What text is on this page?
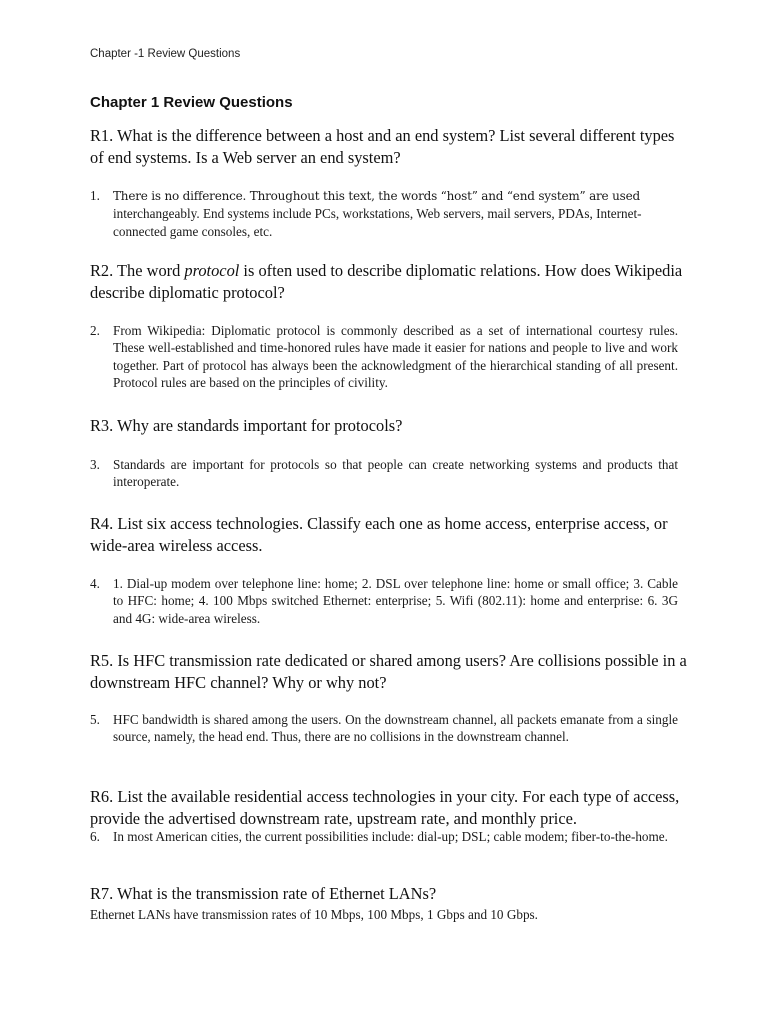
Chapter -1 Review Questions
Chapter 1 Review Questions
R1. What is the difference between a host and an end system? List several different types of end systems. Is a Web server an end system?
1.	There is no difference. Throughout this text, the words “host” and “end system” are used interchangeably. End systems include PCs, workstations, Web servers, mail servers, PDAs, Internet-connected game consoles, etc.
R2. The word protocol is often used to describe diplomatic relations. How does Wikipedia describe diplomatic protocol?
2. From Wikipedia: Diplomatic protocol is commonly described as a set of international courtesy rules. These well-established and time-honored rules have made it easier for nations and people to live and work together. Part of protocol has always been the acknowledgment of the hierarchical standing of all present. Protocol rules are based on the principles of civility.
R3. Why are standards important for protocols?
3. Standards are important for protocols so that people can create networking systems and products that interoperate.
R4. List six access technologies. Classify each one as home access, enterprise access, or wide-area wireless access.
4. 1. Dial-up modem over telephone line: home; 2. DSL over telephone line: home or small office; 3. Cable to HFC: home; 4. 100 Mbps switched Ethernet: enterprise; 5. Wifi (802.11): home and enterprise: 6. 3G and 4G: wide-area wireless.
R5. Is HFC transmission rate dedicated or shared among users? Are collisions possible in a downstream HFC channel? Why or why not?
5. HFC bandwidth is shared among the users. On the downstream channel, all packets emanate from a single source, namely, the head end. Thus, there are no collisions in the downstream channel.
R6. List the available residential access technologies in your city. For each type of access, provide the advertised downstream rate, upstream rate, and monthly price.
6. In most American cities, the current possibilities include: dial-up; DSL; cable modem; fiber-to-the-home.
R7. What is the transmission rate of Ethernet LANs?
Ethernet LANs have transmission rates of 10 Mbps, 100 Mbps, 1 Gbps and 10 Gbps.
